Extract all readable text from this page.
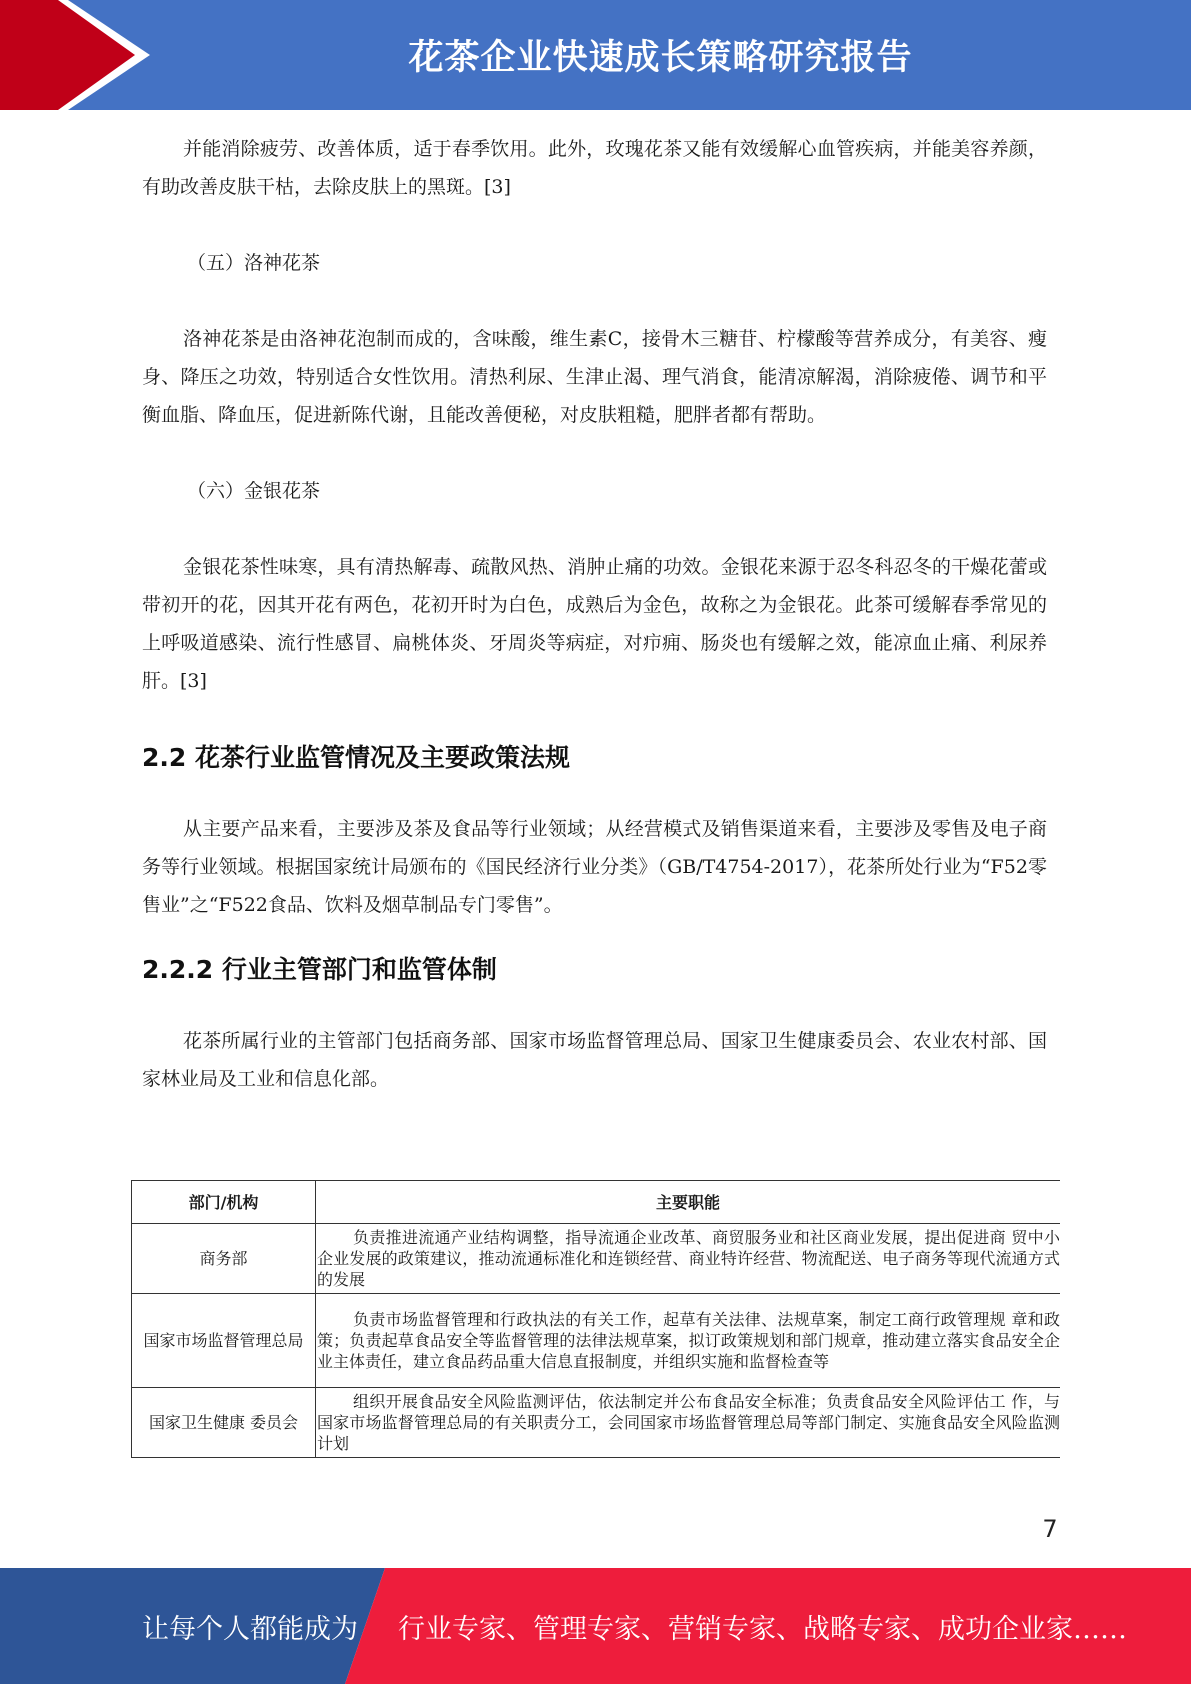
花茶企业快速成长策略研究报告

并能消除疲劳、改善体质，适于春季饮用。此外，玫瑰花茶又能有效缓解心血管疾病，并能美容养颜，有助改善皮肤干枯，去除皮肤上的黑斑。[3]

（五）洛神花茶

洛神花茶是由洛神花泡制而成的，含味酸，维生素C，接骨木三糖苷、柠檬酸等营养成分，有美容、瘦身、降压之功效，特别适合女性饮用。清热利尿、生津止渴、理气消食，能清凉解渴，消除疲倦、调节和平衡血脂、降血压，促进新陈代谢，且能改善便秘，对皮肤粗糙，肥胖者都有帮助。

（六）金银花茶

金银花茶性味寒，具有清热解毒、疏散风热、消肿止痛的功效。金银花来源于忍冬科忍冬的干燥花蕾或带初开的花，因其开花有两色，花初开时为白色，成熟后为金色，故称之为金银花。此茶可缓解春季常见的上呼吸道感染、流行性感冒、扁桃体炎、牙周炎等病症，对疖痈、肠炎也有缓解之效，能凉血止痛、利尿养肝。[3]

2.2 花茶行业监管情况及主要政策法规

从主要产品来看，主要涉及茶及食品等行业领域；从经营模式及销售渠道来看，主要涉及零售及电子商务等行业领域。根据国家统计局颁布的《国民经济行业分类》（GB/T4754-2017），花茶所处行业为“F52零售业”之“F522食品、饮料及烟草制品专门零售”。

2.2.2 行业主管部门和监管体制

花茶所属行业的主管部门包括商务部、国家市场监督管理总局、国家卫生健康委员会、农业农村部、国家林业局及工业和信息化部。

部门/机构	主要职能
商务部	负责推进流通产业结构调整，指导流通企业改革、商贸服务业和社区商业发展，提出促进商 贸中小企业发展的政策建议，推动流通标准化和连锁经营、商业特许经营、物流配送、电子商务等现代流通方式的发展
国家市场监督管理总局	负责市场监督管理和行政执法的有关工作，起草有关法律、法规草案，制定工商行政管理规 章和政策；负责起草食品安全等监督管理的法律法规草案，拟订政策规划和部门规章，推动建立落实食品安全企业主体责任，建立食品药品重大信息直报制度，并组织实施和监督检查等
国家卫生健康 委员会	组织开展食品安全风险监测评估，依法制定并公布食品安全标准；负责食品安全风险评估工 作，与国家市场监督管理总局的有关职责分工，会同国家市场监督管理总局等部门制定、实施食品安全风险监测计划
7
让每个人都能成为 行业专家、管理专家、营销专家、战略专家、成功企业家……
